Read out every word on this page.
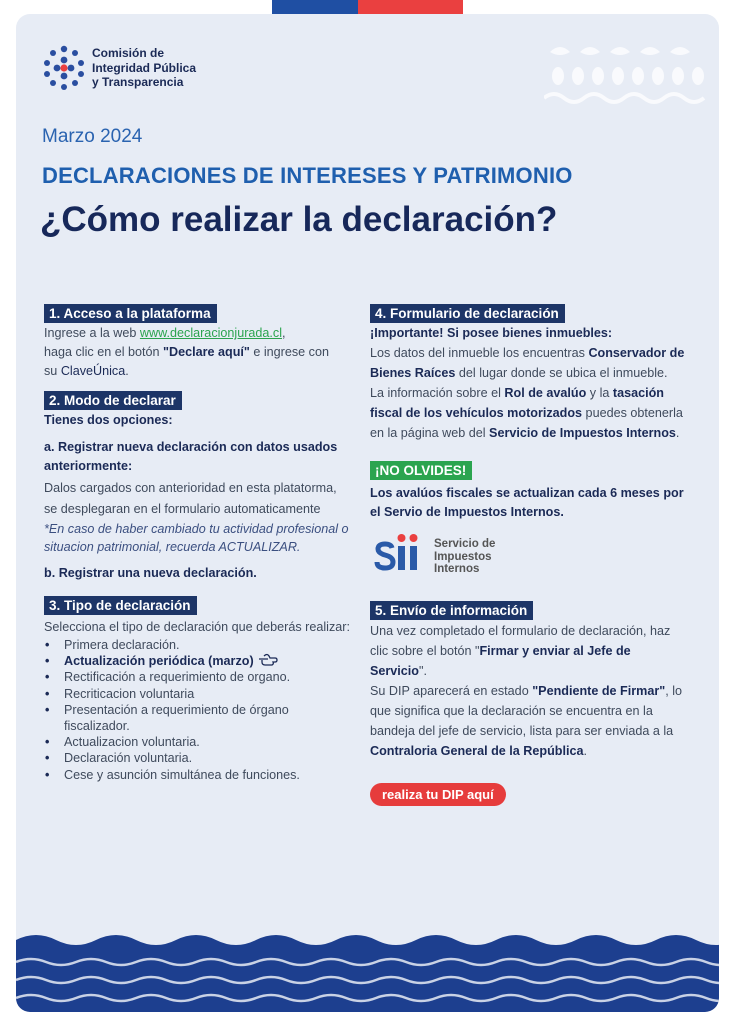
Comisión de
Integridad Pública
y Transparencia
Marzo 2024
DECLARACIONES DE INTERESES Y PATRIMONIO
¿Cómo realizar la declaración?
1. Acceso a la plataforma

Ingrese a la web www.declaracionjurada.cl,
haga clic en el botón "Declare aquí" e ingrese con
su ClaveÚnica.

2. Modo de declarar

Tienes dos opciones:

a. Registrar nueva declaración con datos usados anteriormente:

Dalos cargados con anterioridad en esta platatorma, se desplegaran en el formulario automaticamente

*En caso de haber cambiado tu actividad profesional o situacion patrimonial, recuerda ACTUALIZAR.

b. Registrar una nueva declaración.

3. Tipo de declaración

Selecciona el tipo de declaración que deberás realizar:

• Primera declaración.
• Actualización periódica (marzo)
• Rectificación a requerimiento de organo.
• Recriticacion voluntaria
• Presentación a requerimiento de órgano fiscalizador.
• Actualizacion voluntaria.
• Declaración voluntaria.
• Cese y asunción simultánea de funciones.
4. Formulario de declaración

¡Importante! Si posee bienes inmuebles:

Los datos del inmueble los encuentras Conservador de Bienes Raíces del lugar donde se ubica el inmueble.

La información sobre el Rol de avalúo y la tasación fiscal de los vehículos motorizados puedes obtenerla en la página web del Servicio de Impuestos Internos.

¡NO OLVIDES!

Los avalúos fiscales se actualizan cada 6 meses por el Servio de Impuestos Internos.

Servicio de
Impuestos
Internos
5. Envío de información

Una vez completado el formulario de declaración, haz clic sobre el botón "Firmar y enviar al Jefe de Servicio".

Su DIP aparecerá en estado "Pendiente de Firmar", lo que significa que la declaración se encuentra en la bandeja del jefe de servicio, lista para ser enviada a la Contraloria General de la República.

realiza tu DIP aquí
